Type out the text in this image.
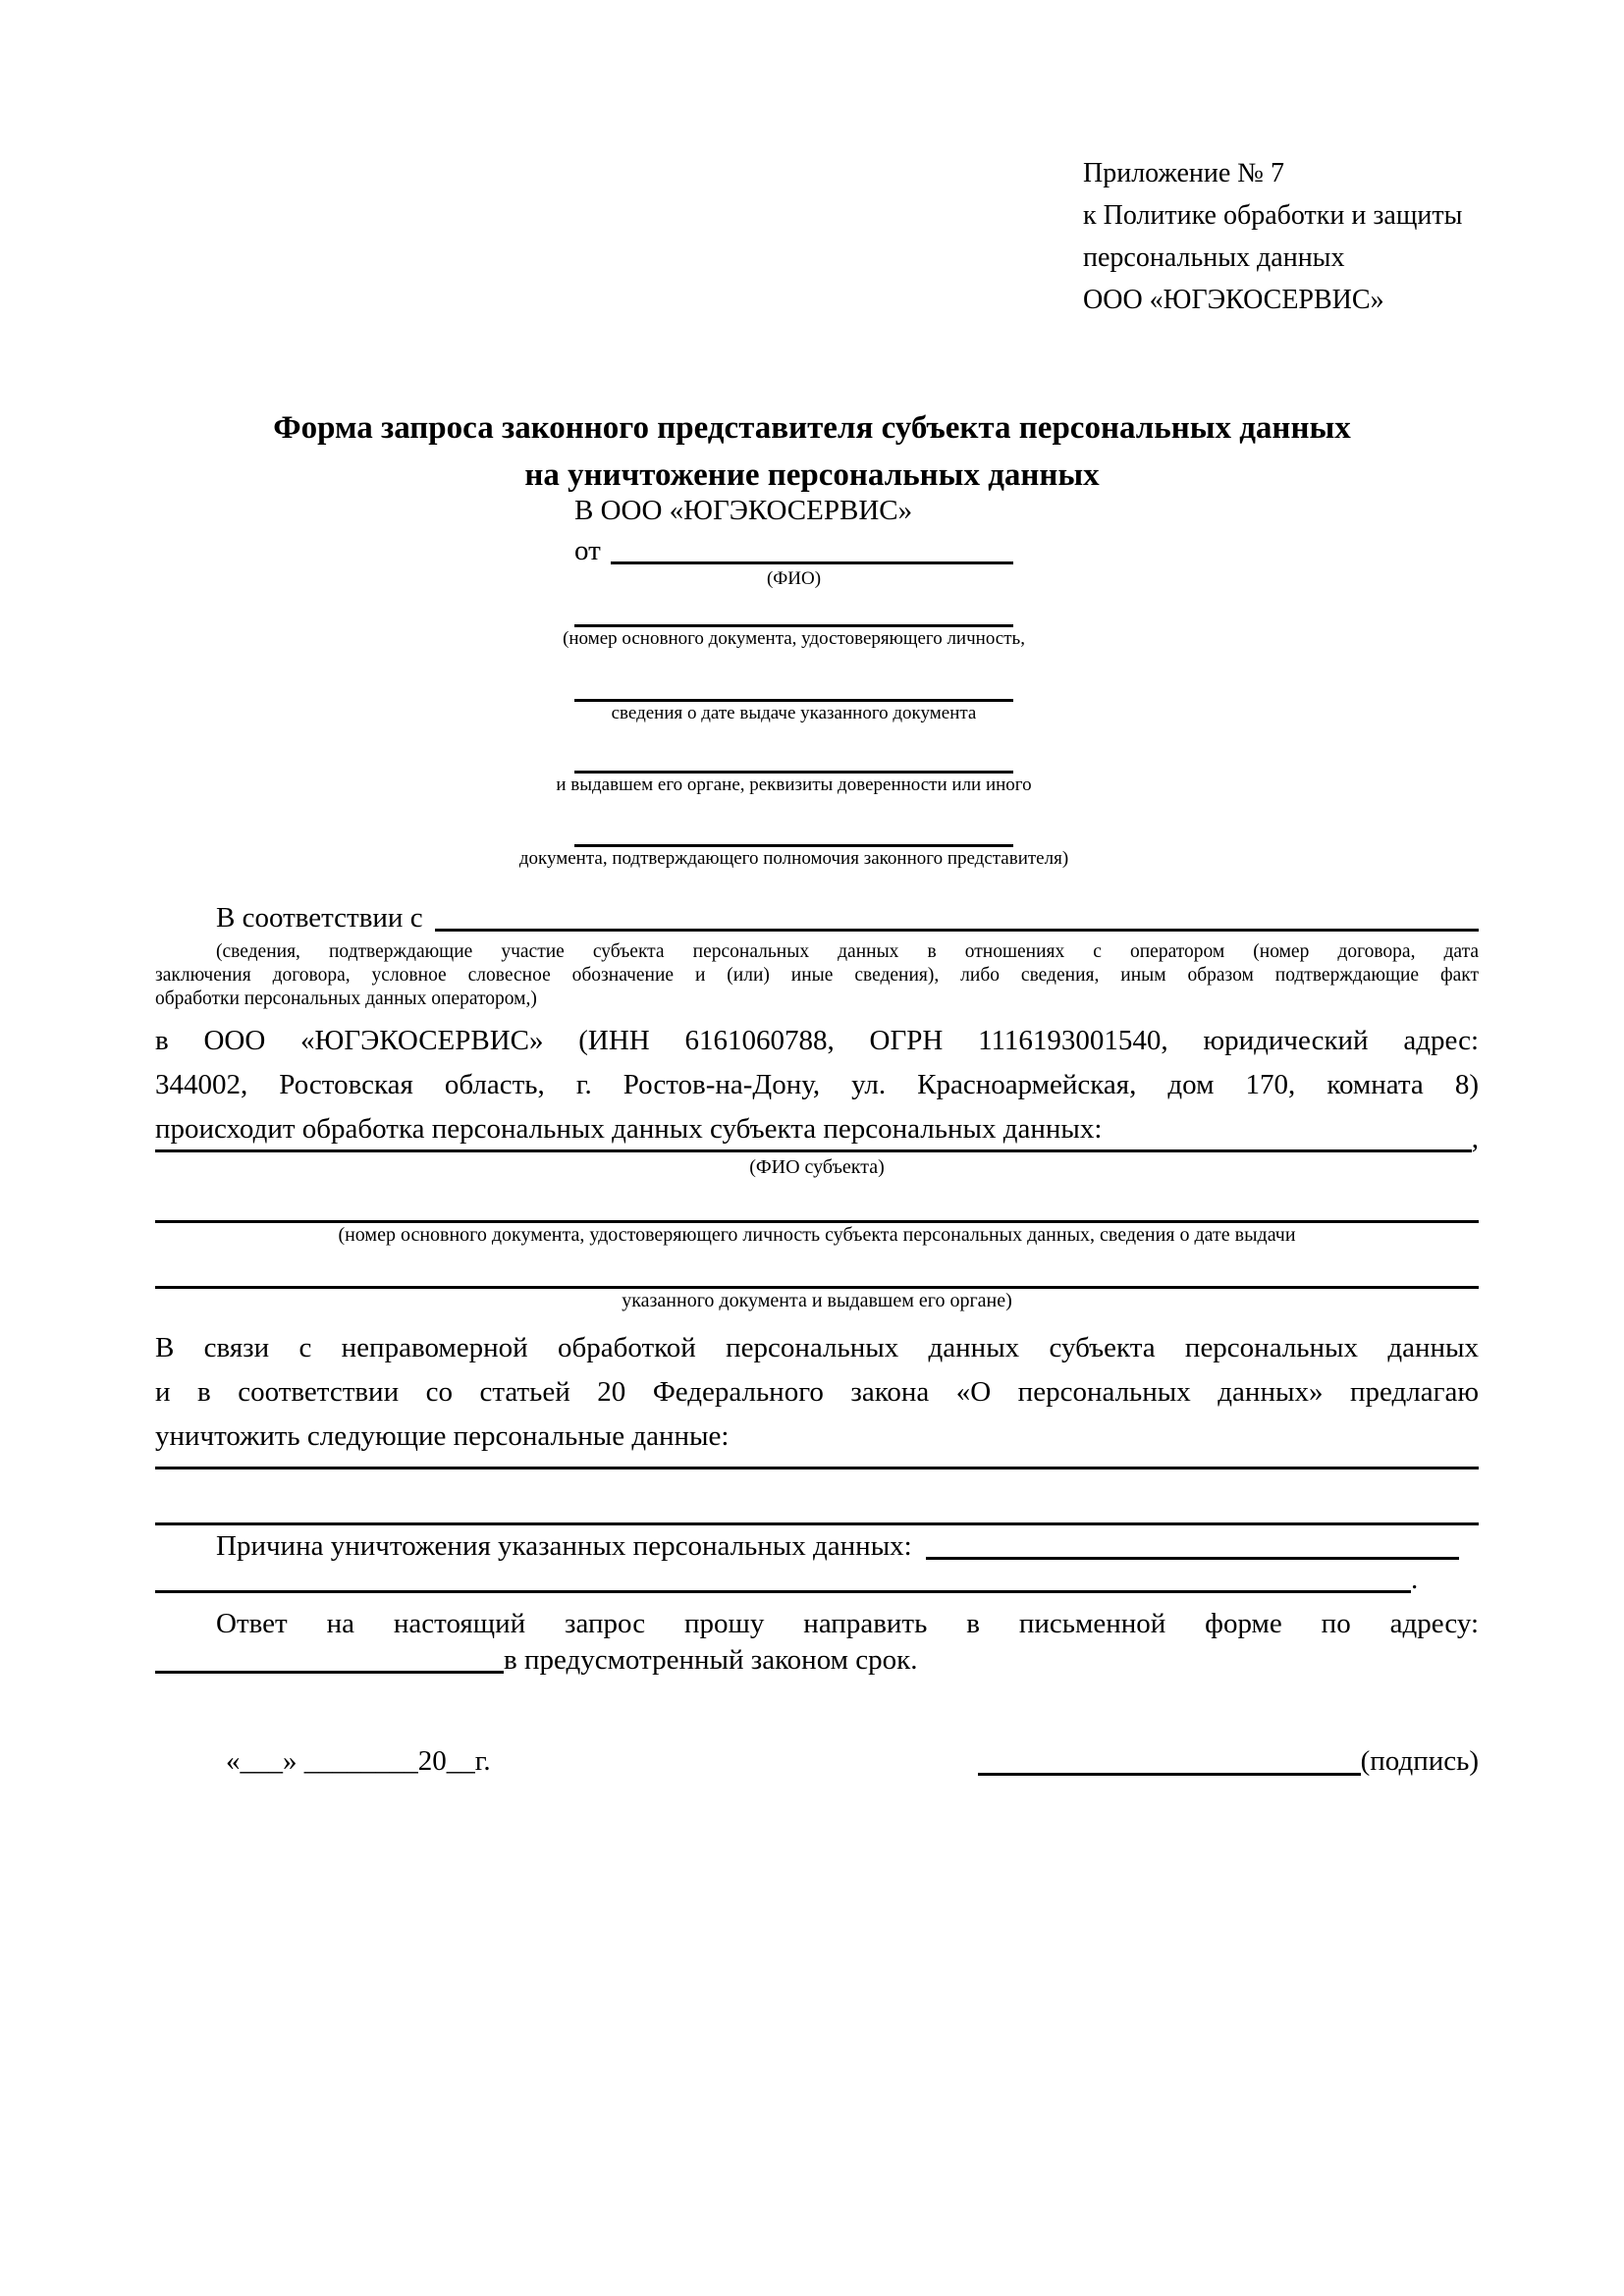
Приложение № 7
к Политике обработки и защиты
персональных данных
ООО «ЮГЭКОСЕРВИС»
Форма запроса законного представителя субъекта персональных данных
на уничтожение персональных данных
В ООО «ЮГЭКОСЕРВИС»
от
(ФИО)
(номер основного документа, удостоверяющего личность,
сведения о дате выдаче указанного документа
и выдавшем его органе, реквизиты доверенности или иного
документа, подтверждающего полномочия законного представителя)
В соответствии с
(сведения, подтверждающие участие субъекта персональных данных в отношениях с оператором (номер договора, дата
заключения договора, условное словесное обозначение и (или) иные сведения), либо сведения, иным образом подтверждающие факт
обработки персональных данных оператором,)
в ООО «ЮГЭКОСЕРВИС» (ИНН 6161060788, ОГРН 1116193001540, юридический адрес:
344002, Ростовская область, г. Ростов-на-Дону, ул. Красноармейская, дом 170, комната 8)
происходит обработка персональных данных субъекта персональных данных:	,
(ФИО субъекта)
(номер основного документа, удостоверяющего личность субъекта персональных данных, сведения о дате выдачи
указанного документа и выдавшем его органе)
В связи с неправомерной обработкой персональных данных субъекта персональных данных
и в соответствии со статьей 20 Федерального закона «О персональных данных» предлагаю
уничтожить следующие персональные данные:
Причина уничтожения указанных персональных данных:
.
Ответ на настоящий запрос прошу направить в письменной форме по адресу:
в предусмотренный законом срок.
«___» ________20__г.	(подпись)
